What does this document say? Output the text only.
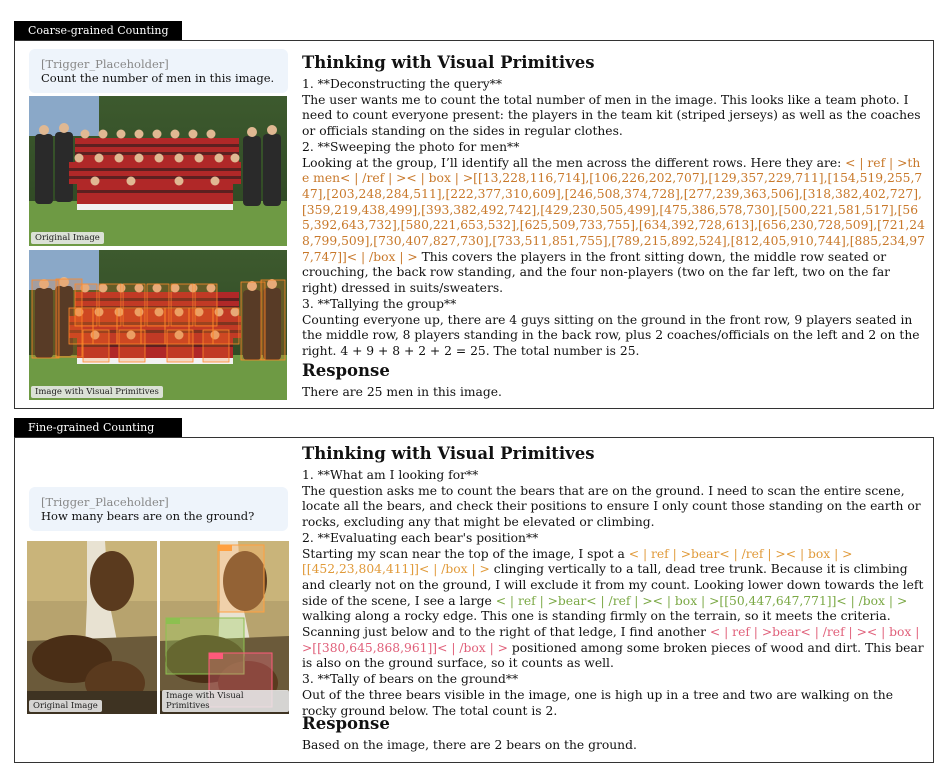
Coarse-grained Counting
[Trigger_Placeholder]
Count the number of men in this image.
Original Image
Image with Visual Primitives
Thinking with Visual Primitives

1. **Deconstructing the query**

The user wants me to count the total number of men in the image. This looks like a team photo. I need to count everyone present: the players in the team kit (striped jerseys) as well as the coaches or officials standing on the sides in regular clothes.

2. **Sweeping the photo for men**

Looking at the group, I’ll identify all the men across the different rows. Here they are: < | ref | >the men< | /ref | >< | box | >[[13,228,116,714],[106,226,202,707],[129,357,229,711],[154,519,255,747],[203,248,284,511],[222,377,310,609],[246,508,374,728],[277,239,363,506],[318,382,402,727],[359,219,438,499],[393,382,492,742],[429,230,505,499],[475,386,578,730],[500,221,581,517],[565,392,643,732],[580,221,653,532],[625,509,733,755],[634,392,728,613],[656,230,728,509],[721,248,799,509],[730,407,827,730],[733,511,851,755],[789,215,892,524],[812,405,910,744],[885,234,977,747]]< | /box | > This covers the players in the front sitting down, the middle row seated or crouching, the back row standing, and the four non-players (two on the far left, two on the far right) dressed in suits/sweaters.

3. **Tallying the group**

Counting everyone up, there are 4 guys sitting on the ground in the front row, 9 players seated in the middle row, 8 players standing in the back row, plus 2 coaches/officials on the left and 2 on the right. 4 + 9 + 8 + 2 + 2 = 25. The total number is 25.

Response

There are 25 men in this image.

Fine-grained Counting
[Trigger_Placeholder]
How many bears are on the ground?
Original Image
Image with Visual Primitives
Thinking with Visual Primitives

1. **What am I looking for**

The question asks me to count the bears that are on the ground. I need to scan the entire scene, locate all the bears, and check their positions to ensure I only count those standing on the earth or rocks, excluding any that might be elevated or climbing.

2. **Evaluating each bear's position**

Starting my scan near the top of the image, I spot a < | ref | >bear< | /ref | >< | box | >[[452,23,804,411]]< | /box | > clinging vertically to a tall, dead tree trunk. Because it is climbing and clearly not on the ground, I will exclude it from my count. Looking lower down towards the left side of the scene, I see a large < | ref | >bear< | /ref | >< | box | >[[50,447,647,771]]< | /box | > walking along a rocky edge. This one is standing firmly on the terrain, so it meets the criteria. Scanning just below and to the right of that ledge, I find another < | ref | >bear< | /ref | >< | box | >[[380,645,868,961]]< | /box | > positioned among some broken pieces of wood and dirt. This bear is also on the ground surface, so it counts as well.

3. **Tally of bears on the ground**

Out of the three bears visible in the image, one is high up in a tree and two are walking on the rocky ground below. The total count is 2.

Response

Based on the image, there are 2 bears on the ground.
